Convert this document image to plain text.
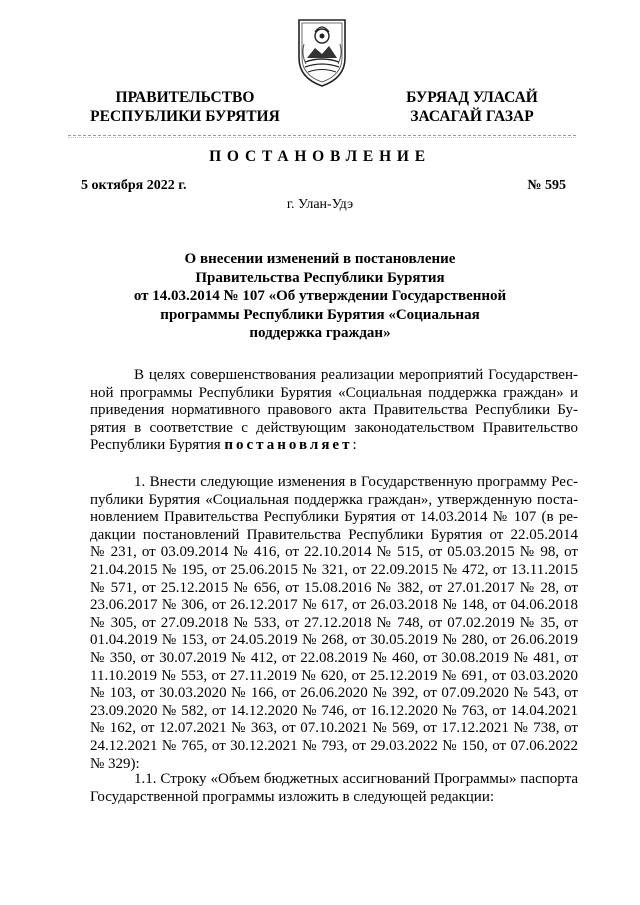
ПРАВИТЕЛЬСТВО
РЕСПУБЛИКИ БУРЯТИЯ
БУРЯАД УЛАСАЙ
ЗАСАГАЙ ГАЗАР
ПОСТАНОВЛЕНИЕ
5 октября 2022 г.	№ 595
г. Улан-Удэ
О внесении изменений в постановление
Правительства Республики Бурятия
от 14.03.2014 № 107 «Об утверждении Государственной
программы Республики Бурятия «Социальная
поддержка граждан»
В целях совершенствования реализации мероприятий Государствен-
ной программы Республики Бурятия «Социальная поддержка граждан» и
приведения нормативного правового акта Правительства Республики Бу-
рятия в соответствие с действующим законодательством Правительство
Республики Бурятия постановляет:
1. Внести следующие изменения в Государственную программу Рес-
публики Бурятия «Социальная поддержка граждан», утвержденную поста-
новлением Правительства Республики Бурятия от 14.03.2014 № 107 (в ре-
дакции постановлений Правительства Республики Бурятия от 22.05.2014
№ 231, от 03.09.2014 № 416, от 22.10.2014 № 515, от 05.03.2015 № 98, от
21.04.2015 № 195, от 25.06.2015 № 321, от 22.09.2015 № 472, от 13.11.2015
№ 571, от 25.12.2015 № 656, от 15.08.2016 № 382, от 27.01.2017 № 28, от
23.06.2017 № 306, от 26.12.2017 № 617, от 26.03.2018 № 148, от 04.06.2018
№ 305, от 27.09.2018 № 533, от 27.12.2018 № 748, от 07.02.2019 № 35, от
01.04.2019 № 153, от 24.05.2019 № 268, от 30.05.2019 № 280, от 26.06.2019
№ 350, от 30.07.2019 № 412, от 22.08.2019 № 460, от 30.08.2019 № 481, от
11.10.2019 № 553, от 27.11.2019 № 620, от 25.12.2019 № 691, от 03.03.2020
№ 103, от 30.03.2020 № 166, от 26.06.2020 № 392, от 07.09.2020 № 543, от
23.09.2020 № 582, от 14.12.2020 № 746, от 16.12.2020 № 763, от 14.04.2021
№ 162, от 12.07.2021 № 363, от 07.10.2021 № 569, от 17.12.2021 № 738, от
24.12.2021 № 765, от 30.12.2021 № 793, от 29.03.2022 № 150, от 07.06.2022
№ 329):
1.1. Строку «Объем бюджетных ассигнований Программы» паспорта
Государственной программы изложить в следующей редакции:
